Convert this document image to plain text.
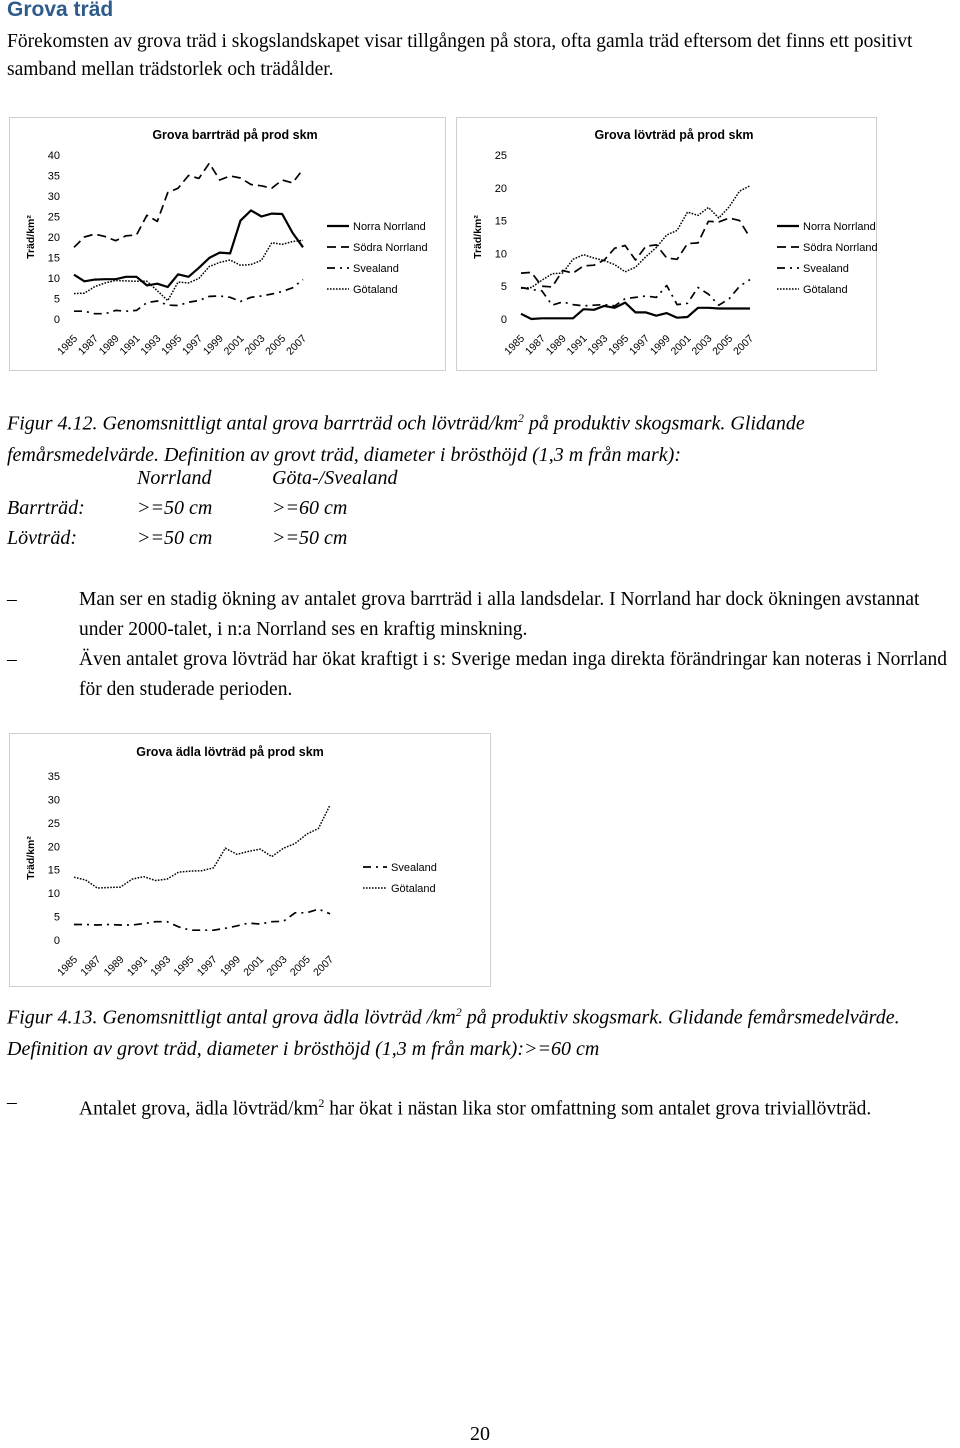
Grova träd
Förekomsten av grova träd i skogslandskapet visar tillgången på stora, ofta gamla träd eftersom det finns ett positivt samband mellan trädstorlek och trädålder.
Grova barrträd på prod skm
Träd/km²
0
5
10
15
20
25
30
35
40
1985
1987
1989
1991
1993
1995
1997
1999
2001
2003
2005
2007
Norra Norrland
Södra Norrland
Svealand
Götaland
Grova lövträd på prod skm
Träd/km²
0
5
10
15
20
25
1985
1987
1989
1991
1993
1995
1997
1999
2001
2003
2005
2007
Norra Norrland
Södra Norrland
Svealand
Götaland
Figur 4.12. Genomsnittligt antal grova barrträd och lövträd/$km^2$ på produktiv skogsmark. Glidande femårsmedelvärde. Definition av grovt träd, diameter i brösthöjd (1,3 m från mark):
Norrland	Göta-/Svealand
Barrträd:	>=50 cm	>=60 cm
Lövträd:	>=50 cm	>=50 cm
–	Man ser en stadig ökning av antalet grova barrträd i alla landsdelar. I Norrland har dock ökningen avstannat under 2000-talet, i n:a Norrland ses en kraftig minskning.
–	Även antalet grova lövträd har ökat kraftigt i s: Sverige medan inga direkta förändringar kan noteras i Norrland för den studerade perioden.
Grova ädla lövträd på prod skm
Träd/km²
0
5
10
15
20
25
30
35
1985
1987
1989
1991
1993
1995
1997
1999
2001
2003
2005
2007
Svealand
Götaland
Figur 4.13. Genomsnittligt antal grova ädla lövträd $/km^2$ på produktiv skogsmark. Glidande femårsmedelvärde. Definition av grovt träd, diameter i brösthöjd (1,3 m från mark):>=60 cm
–	Antalet grova, ädla lövträd/$km^2$ har ökat i nästan lika stor omfattning som antalet grova triviallövträd.
20
